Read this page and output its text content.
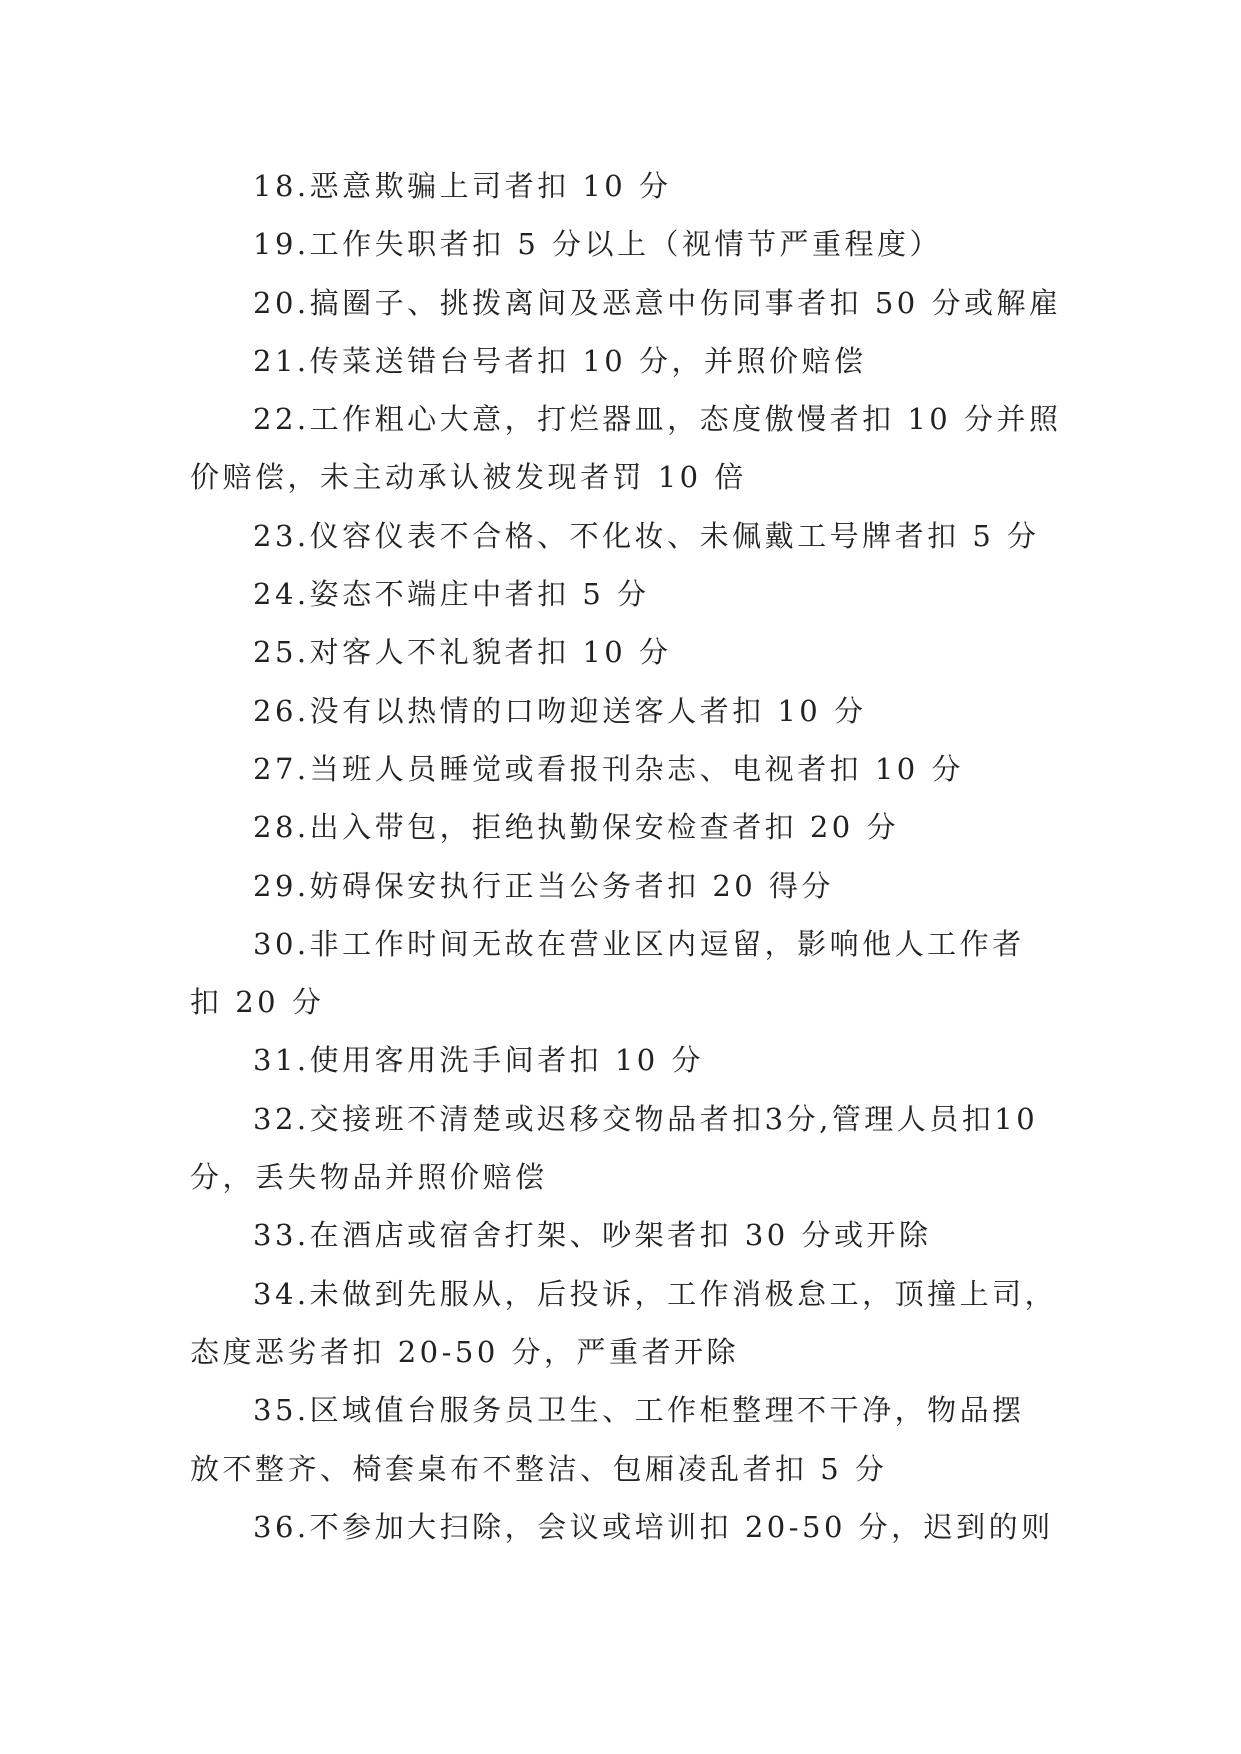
18.恶意欺骗上司者扣 10 分
19.工作失职者扣 5 分以上（视情节严重程度）
20.搞圈子、挑拨离间及恶意中伤同事者扣 50 分或解雇
21.传菜送错台号者扣 10 分，并照价赔偿
22.工作粗心大意，打烂器皿，态度傲慢者扣 10 分并照
价赔偿，未主动承认被发现者罚 10 倍
23.仪容仪表不合格、不化妆、未佩戴工号牌者扣 5 分
24.姿态不端庄中者扣 5 分
25.对客人不礼貌者扣 10 分
26.没有以热情的口吻迎送客人者扣 10 分
27.当班人员睡觉或看报刊杂志、电视者扣 10 分
28.出入带包，拒绝执勤保安检查者扣 20 分
29.妨碍保安执行正当公务者扣 20 得分
30.非工作时间无故在营业区内逗留，影响他人工作者
扣 20 分
31.使用客用洗手间者扣 10 分
32.交接班不清楚或迟移交物品者扣3分,管理人员扣10
分，丢失物品并照价赔偿
33.在酒店或宿舍打架、吵架者扣 30 分或开除
34.未做到先服从，后投诉，工作消极怠工，顶撞上司，
态度恶劣者扣 20-50 分，严重者开除
35.区域值台服务员卫生、工作柜整理不干净，物品摆
放不整齐、椅套桌布不整洁、包厢凌乱者扣 5 分
36.不参加大扫除，会议或培训扣 20-50 分，迟到的则
